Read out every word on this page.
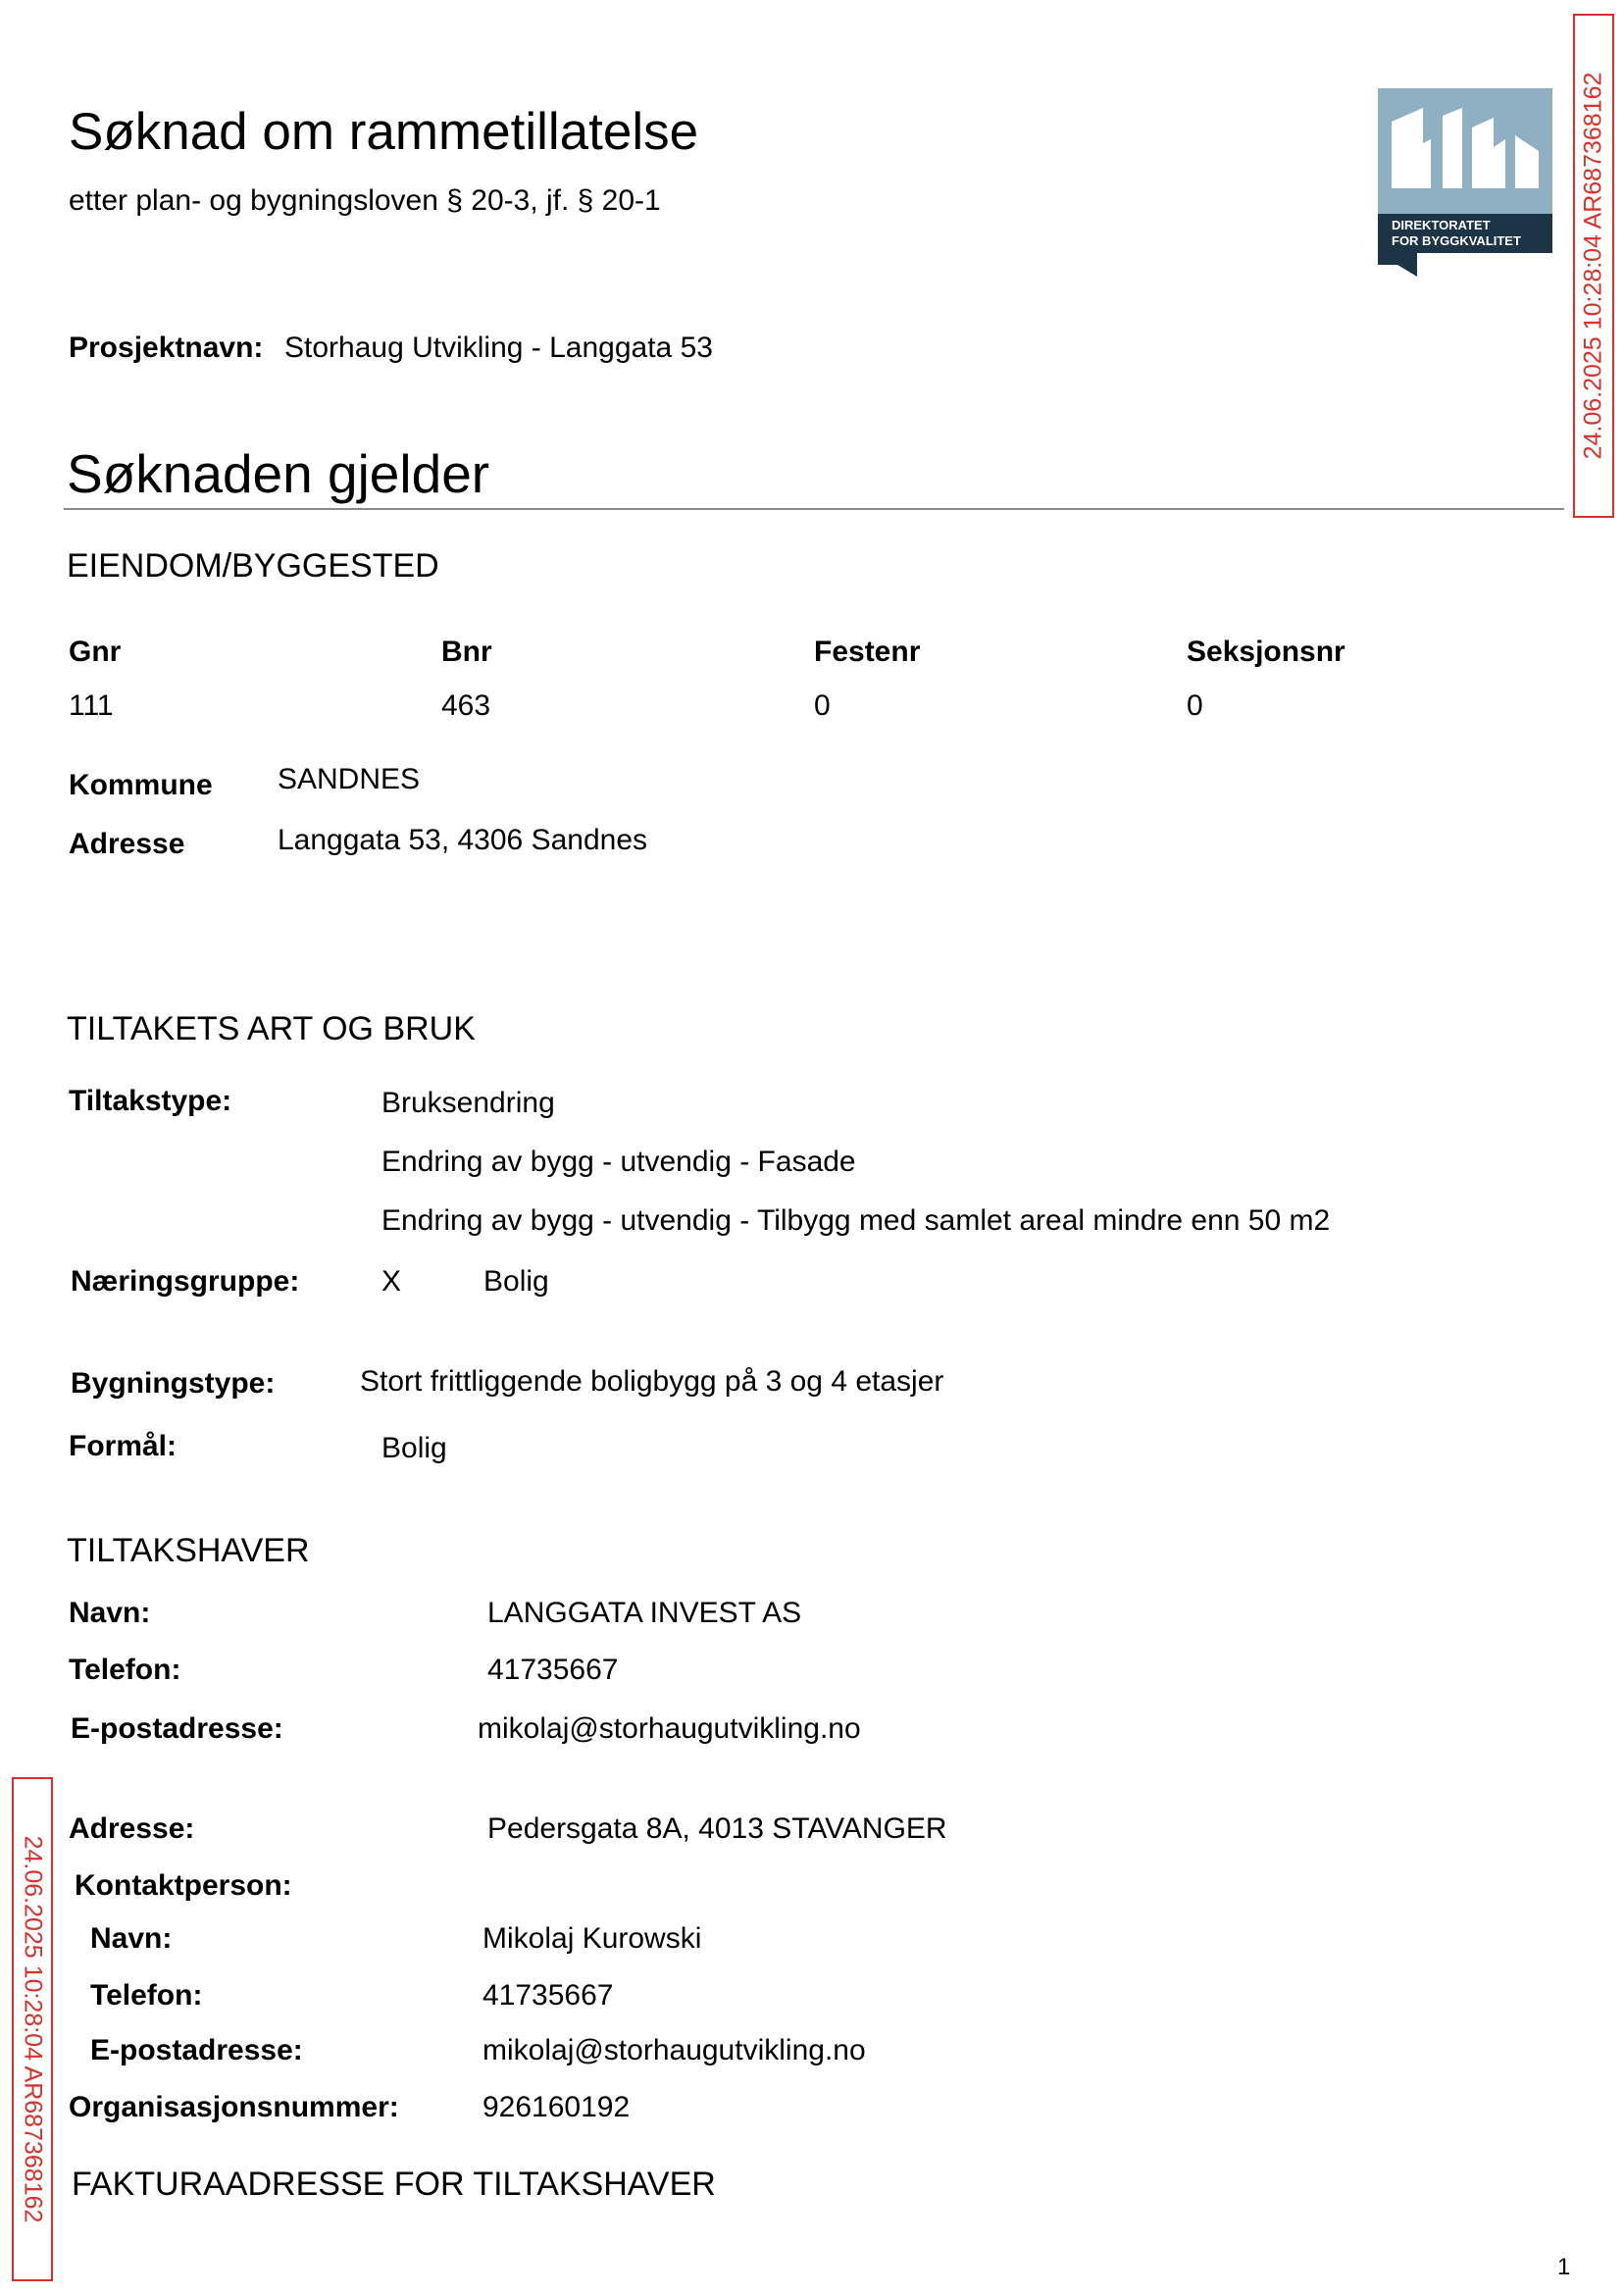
Søknad om rammetillatelse
etter plan- og bygningsloven § 20-3, jf. § 20-1
DIREKTORATET
FOR BYGGKVALITET
Prosjektnavn: Storhaug Utvikling - Langgata 53
Søknaden gjelder
EIENDOM/BYGGESTED
Gnr	Bnr	Festenr	Seksjonsnr
111	463	0	0
Kommune SANDNES
Adresse	Langgata 53, 4306 Sandnes
TILTAKETS ART OG BRUK
Tiltakstype:	Bruksendring
Endring av bygg - utvendig - Fasade
Endring av bygg - utvendig - Tilbygg med samlet areal mindre enn 50 m2
Næringsgruppe:	X	Bolig
Bygningstype:	Stort frittliggende boligbygg på 3 og 4 etasjer
Formål:	Bolig
TILTAKSHAVER
Navn:	LANGGATA INVEST AS
Telefon:	41735667
E-postadresse:	mikolaj@storhaugutvikling.no
Adresse:	Pedersgata 8A, 4013 STAVANGER
Kontaktperson:
Navn:	Mikolaj Kurowski
Telefon:	41735667
E-postadresse:	mikolaj@storhaugutvikling.no
Organisasjonsnummer:	926160192
FAKTURAADRESSE FOR TILTAKSHAVER
1
24.06.2025 10:28:04 AR687368162
24.06.2025 10:28:04 AR687368162
